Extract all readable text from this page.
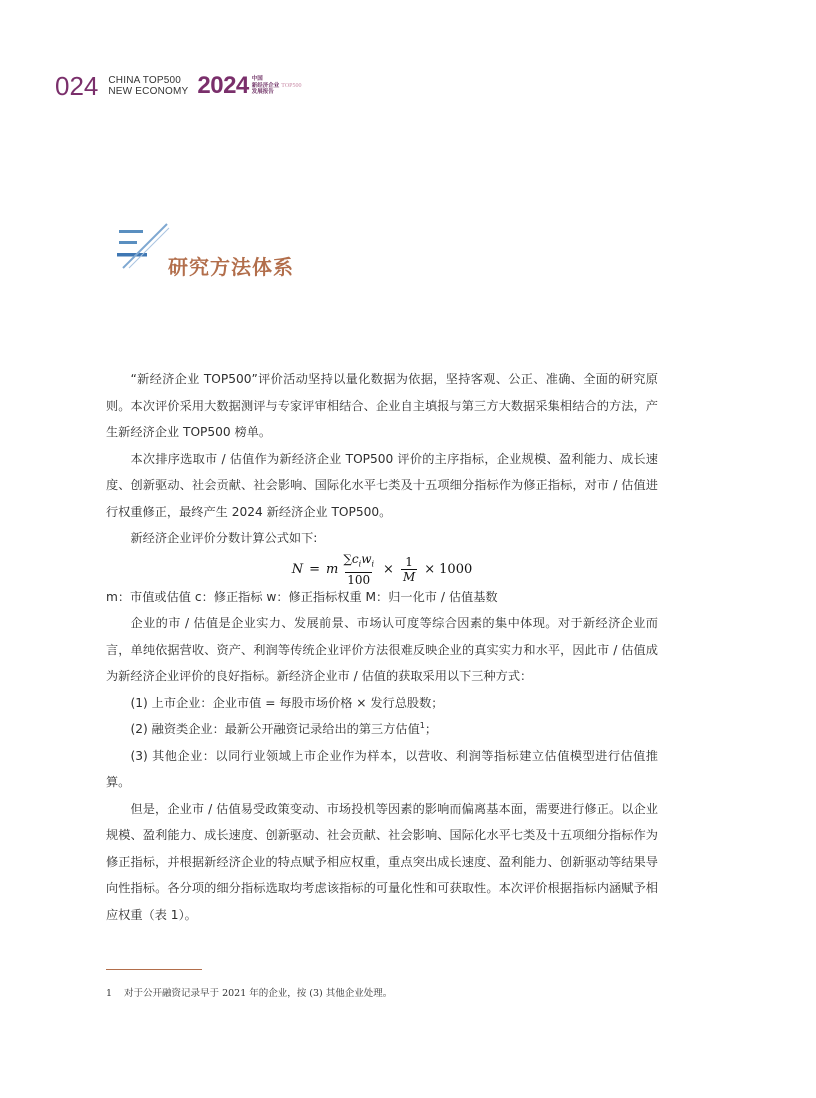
024 CHINA TOP500
NEW ECONOMY 2024 中国
新经济企业
发展报告
TOP500
研究方法体系

“新经济企业 TOP500”评价活动坚持以量化数据为依据，坚持客观、公正、准确、全面的研究原则。本次评价采用大数据测评与专家评审相结合、企业自主填报与第三方大数据采集相结合的方法，产生新经济企业 TOP500 榜单。

本次排序选取市 / 估值作为新经济企业 TOP500 评价的主序指标，企业规模、盈利能力、成长速度、创新驱动、社会贡献、社会影响、国际化水平七类及十五项细分指标作为修正指标，对市 / 估值进行权重修正，最终产生 2024 新经济企业 TOP500。

新经济企业评价分数计算公式如下:

N = m $\frac{\sum c_iw_i}{100} \times \frac{1}{M} \times 1000$

m：市值或估值 c：修正指标 w：修正指标权重 M：归一化市 / 估值基数

企业的市 / 估值是企业实力、发展前景、市场认可度等综合因素的集中体现。对于新经济企业而言，单纯依据营收、资产、利润等传统企业评价方法很难反映企业的真实实力和水平，因此市 / 估值成为新经济企业评价的良好指标。新经济企业市 / 估值的获取采用以下三种方式：

(1) 上市企业：企业市值 = 每股市场价格 × 发行总股数；

(2) 融资类企业：最新公开融资记录给出的第三方估值$^1$；

(3) 其他企业：以同行业领域上市企业作为样本，以营收、利润等指标建立估值模型进行估值推算。

但是，企业市 / 估值易受政策变动、市场投机等因素的影响而偏离基本面，需要进行修正。以企业规模、盈利能力、成长速度、创新驱动、社会贡献、社会影响、国际化水平七类及十五项细分指标作为修正指标，并根据新经济企业的特点赋予相应权重，重点突出成长速度、盈利能力、创新驱动等结果导向性指标。各分项的细分指标选取均考虑该指标的可量化性和可获取性。本次评价根据指标内涵赋予相应权重（表 1）。

1 对于公开融资记录早于 2021 年的企业，按 (3) 其他企业处理。
